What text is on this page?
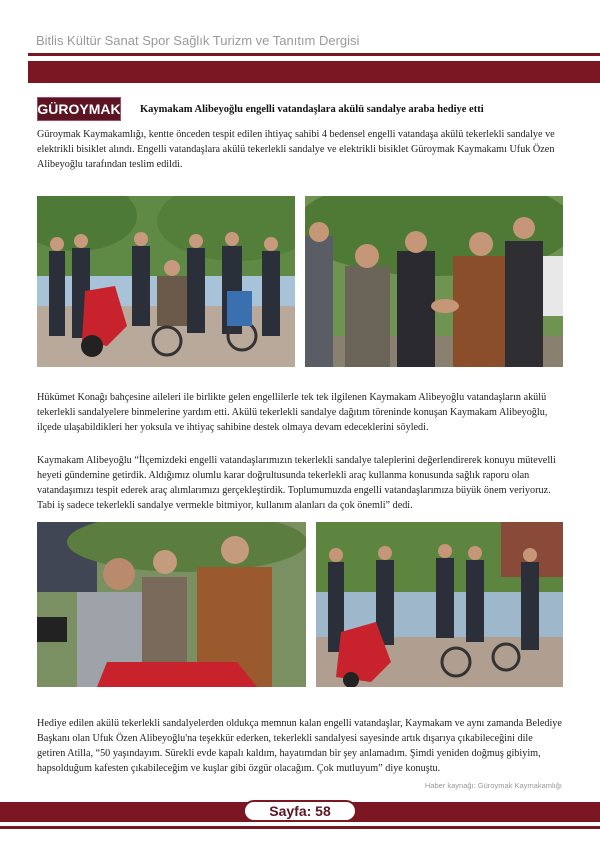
Bitlis Kültür Sanat Spor Sağlık Turizm ve Tanıtım Dergisi
GÜROYMAK Kaymakam Alibeyoğlu engelli vatandaşlara akülü sandalye araba hediye etti

Güroymak Kaymakamlığı, kentte önceden tespit edilen ihtiyaç sahibi 4 bedensel engelli vatandaşa akülü tekerlekli sandalye ve elektrikli bisiklet alındı. Engelli vatandaşlara akülü tekerlekli sandalye ve elektrikli bisiklet Güroymak Kaymakamı Ufuk Özen Alibeyoğlu tarafından teslim edildi.

Hükümet Konağı bahçesine aileleri ile birlikte gelen engellilerle tek tek ilgilenen Kaymakam Alibeyoğlu vatandaşların akülü tekerlekli sandalyelere binmelerine yardım etti. Akülü tekerlekli sandalye dağıtım töreninde konuşan Kaymakam Alibeyoğlu, ilçede ulaşabildikleri her yoksula ve ihtiyaç sahibine destek olmaya devam edeceklerini söyledi.

Kaymakam Alibeyoğlu “İlçemizdeki engelli vatandaşlarımızın tekerlekli sandalye taleplerini değerlendirerek konuyu mütevelli heyeti gündemine getirdik. Aldığımız olumlu karar doğrultusunda tekerlekli araç kullanma konusunda sağlık raporu olan vatandaşımızı tespit ederek araç alımlarımızı gerçekleştirdik. Toplumumuzda engelli vatandaşlarımıza büyük önem veriyoruz. Tabi iş sadece tekerlekli sandalye vermekle bitmiyor, kullanım alanları da çok önemli” dedi.

Hediye edilen akülü tekerlekli sandalyelerden oldukça memnun kalan engelli vatandaşlar, Kaymakam ve aynı zamanda Belediye Başkanı olan Ufuk Özen Alibeyoğlu'na teşekkür ederken, tekerlekli sandalyesi sayesinde artık dışarıya çıkabileceğini dile getiren Atilla, “50 yaşındayım. Sürekli evde kapalı kaldım, hayatımdan bir şey anlamadım. Şimdi yeniden doğmuş gibiyim, hapsolduğum kafesten çıkabileceğim ve kuşlar gibi özgür olacağım. Çok mutluyum” diye konuştu.

Haber kaynağı: Güroymak Kaymakamlığı
Sayfa: 58
